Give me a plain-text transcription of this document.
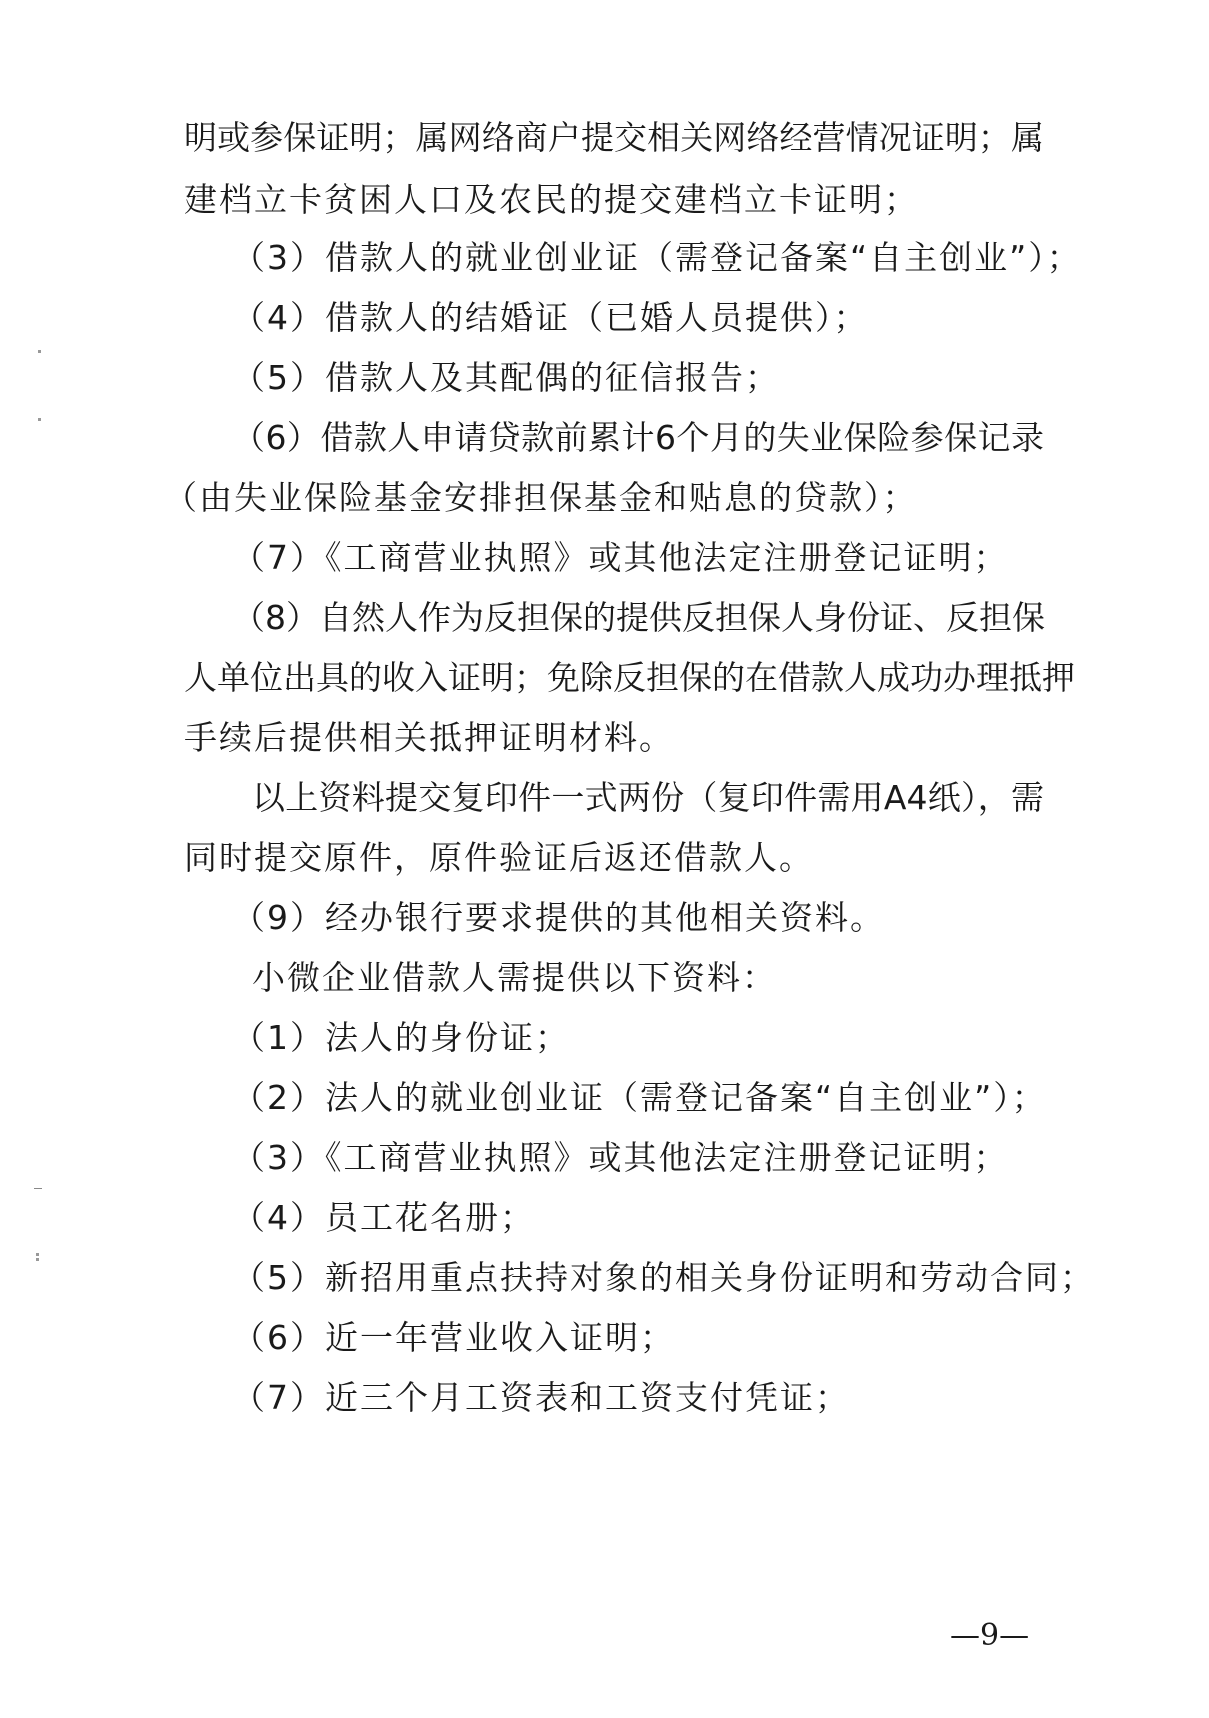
明或参保证明；属网络商户提交相关网络经营情况证明；属
建档立卡贫困人口及农民的提交建档立卡证明；
（3）借款人的就业创业证（需登记备案“自主创业”）；
（4）借款人的结婚证（已婚人员提供）；
（5）借款人及其配偶的征信报告；
（6）借款人申请贷款前累计6个月的失业保险参保记录
（由失业保险基金安排担保基金和贴息的贷款）；
（7）《工商营业执照》或其他法定注册登记证明；
（8）自然人作为反担保的提供反担保人身份证、反担保
人单位出具的收入证明；免除反担保的在借款人成功办理抵押
手续后提供相关抵押证明材料。
以上资料提交复印件一式两份（复印件需用A4纸），需
同时提交原件，原件验证后返还借款人。
（9）经办银行要求提供的其他相关资料。
小微企业借款人需提供以下资料：
（1）法人的身份证；
（2）法人的就业创业证（需登记备案“自主创业”）；
（3）《工商营业执照》或其他法定注册登记证明；
（4）员工花名册；
（5）新招用重点扶持对象的相关身份证明和劳动合同；
（6）近一年营业收入证明；
（7）近三个月工资表和工资支付凭证；
—9—
